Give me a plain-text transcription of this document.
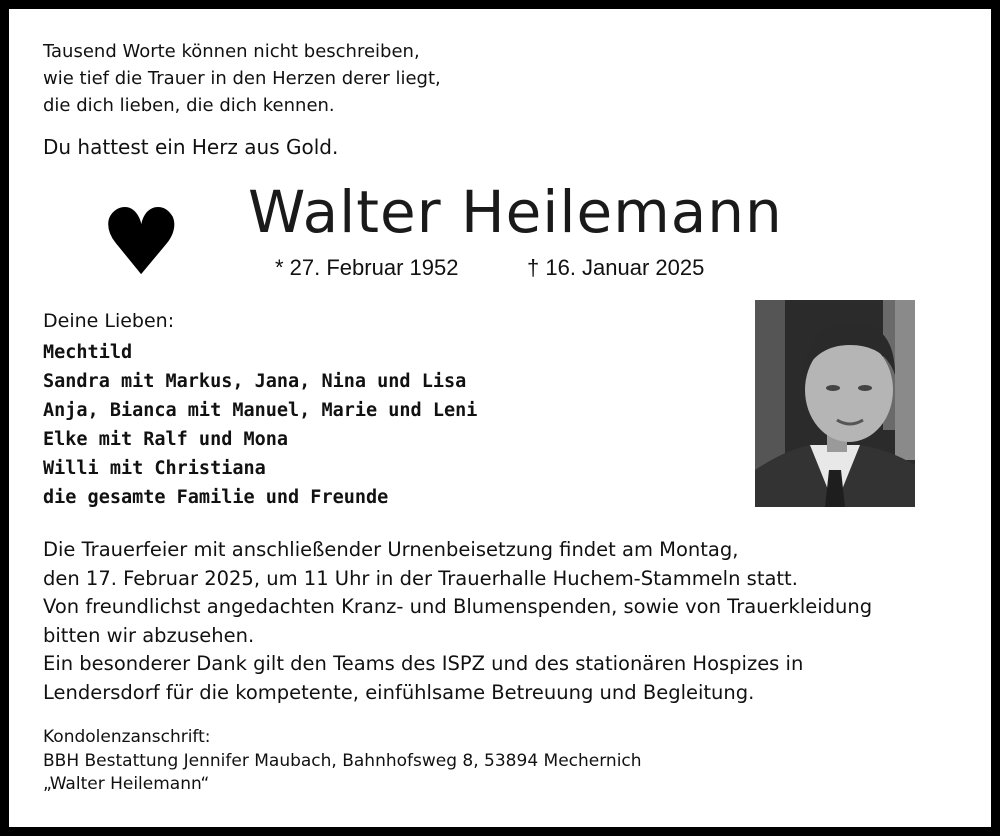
Tausend Worte können nicht beschreiben,
wie tief die Trauer in den Herzen derer liegt,
die dich lieben, die dich kennen.
Du hattest ein Herz aus Gold.
♥ Walter Heilemann
* 27. Februar 1952	† 16. Januar 2025
Deine Lieben:
Mechtild
Sandra mit Markus, Jana, Nina und Lisa
Anja, Bianca mit Manuel, Marie und Leni
Elke mit Ralf und Mona
Willi mit Christiana
die gesamte Familie und Freunde
Die Trauerfeier mit anschließender Urnenbeisetzung findet am Montag,
den 17. Februar 2025, um 11 Uhr in der Trauerhalle Huchem-Stammeln statt.
Von freundlichst angedachten Kranz- und Blumenspenden, sowie von Trauerkleidung
bitten wir abzusehen.
Ein besonderer Dank gilt den Teams des ISPZ und des stationären Hospizes in
Lendersdorf für die kompetente, einfühlsame Betreuung und Begleitung.
Kondolenzanschrift:
BBH Bestattung Jennifer Maubach, Bahnhofsweg 8, 53894 Mechernich
„Walter Heilemann“
